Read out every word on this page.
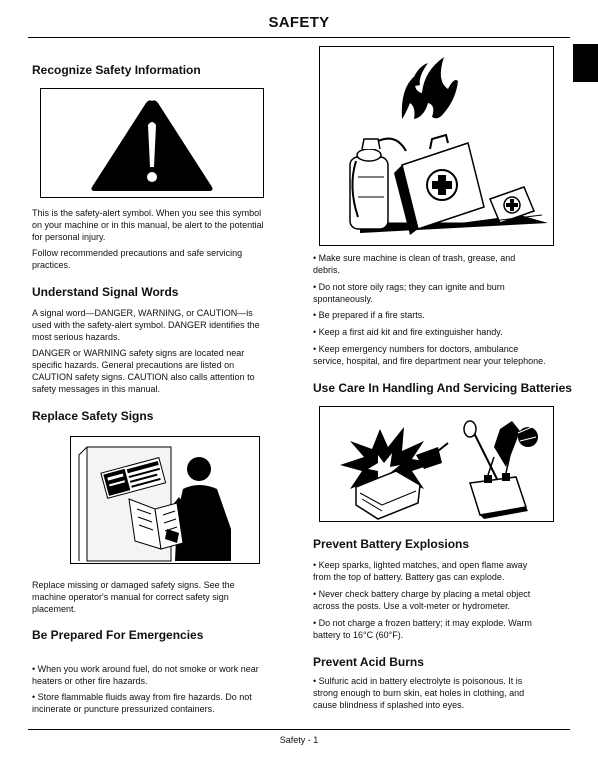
SAFETY
Recognize Safety Information
This is the safety-alert symbol. When you see this symbol
on your machine or in this manual, be alert to the potential
for personal injury.
Follow recommended precautions and safe servicing
practices.
Understand Signal Words
A signal word—DANGER, WARNING, or CAUTION—is
used with the safety-alert symbol. DANGER identifies the
most serious hazards.
DANGER or WARNING safety signs are located near
specific hazards. General precautions are listed on
CAUTION safety signs. CAUTION also calls attention to
safety messages in this manual.
Replace Safety Signs
Replace missing or damaged safety signs. See the
machine operator's manual for correct safety sign
placement.
Be Prepared For Emergencies
• When you work around fuel, do not smoke or work near
heaters or other fire hazards.
• Store flammable fluids away from fire hazards. Do not
incinerate or puncture pressurized containers.
• Make sure machine is clean of trash, grease, and
debris.
• Do not store oily rags; they can ignite and burn
spontaneously.
• Be prepared if a fire starts.
• Keep a first aid kit and fire extinguisher handy.
• Keep emergency numbers for doctors, ambulance
service, hospital, and fire department near your telephone.
Use Care In Handling And Servicing Batteries
Prevent Battery Explosions
• Keep sparks, lighted matches, and open flame away
from the top of battery. Battery gas can explode.
• Never check battery charge by placing a metal object
across the posts. Use a volt-meter or hydrometer.
• Do not charge a frozen battery; it may explode. Warm
battery to 16°C (60°F).
Prevent Acid Burns
• Sulfuric acid in battery electrolyte is poisonous. It is
strong enough to burn skin, eat holes in clothing, and
cause blindness if splashed into eyes.
Safety - 1
